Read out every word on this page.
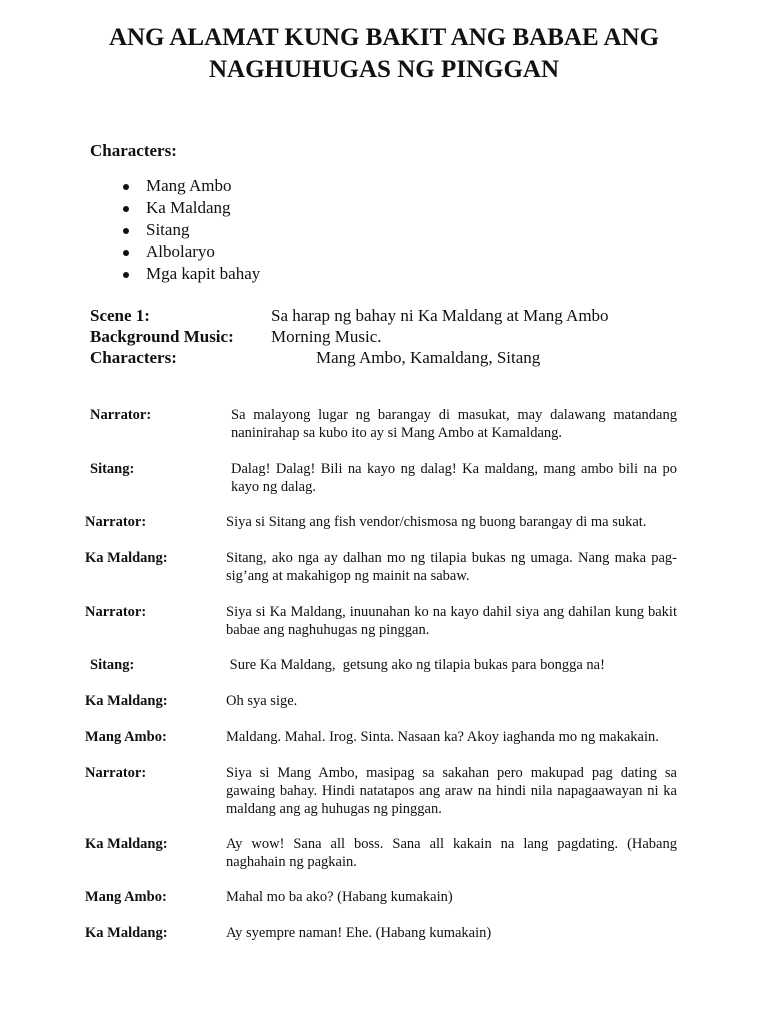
ANG ALAMAT KUNG BAKIT ANG BABAE ANG
NAGHUHUGAS NG PINGGAN
Characters:
Mang Ambo
Ka Maldang
Sitang
Albolaryo
Mga kapit bahay
Scene 1:	Sa harap ng bahay ni Ka Maldang at Mang Ambo
Background Music: Morning Music.
Characters:	Mang Ambo, Kamaldang, Sitang
Narrator:	Sa malayong lugar ng barangay di masukat, may dalawang matandang naninirahap sa kubo ito ay si Mang Ambo at Kamaldang.
Sitang:	Dalag! Dalag! Bili na kayo ng dalag! Ka maldang, mang ambo bili na po kayo ng dalag.
Narrator:	Siya si Sitang ang fish vendor/chismosa ng buong barangay di ma sukat.
Ka Maldang:	Sitang, ako nga ay dalhan mo ng tilapia bukas ng umaga. Nang maka pag-sig’ang at makahigop ng mainit na sabaw.
Narrator:	Siya si Ka Maldang, inuunahan ko na kayo dahil siya ang dahilan kung bakit babae ang naghuhugas ng pinggan.
Sitang:	Sure Ka Maldang,  getsung ako ng tilapia bukas para bongga na!
Ka Maldang:	Oh sya sige.
Mang Ambo:	Maldang. Mahal. Irog. Sinta. Nasaan ka? Akoy iaghanda mo ng makakain.
Narrator:	Siya si Mang Ambo, masipag sa sakahan pero makupad pag dating sa gawaing bahay. Hindi natatapos ang araw na hindi nila napagaawayan ni ka maldang ang ag huhugas ng pinggan.
Ka Maldang:	Ay wow! Sana all boss. Sana all kakain na lang pagdating. (Habang naghahain ng pagkain.
Mang Ambo:	Mahal mo ba ako? (Habang kumakain)
Ka Maldang:	Ay syempre naman! Ehe. (Habang kumakain)
